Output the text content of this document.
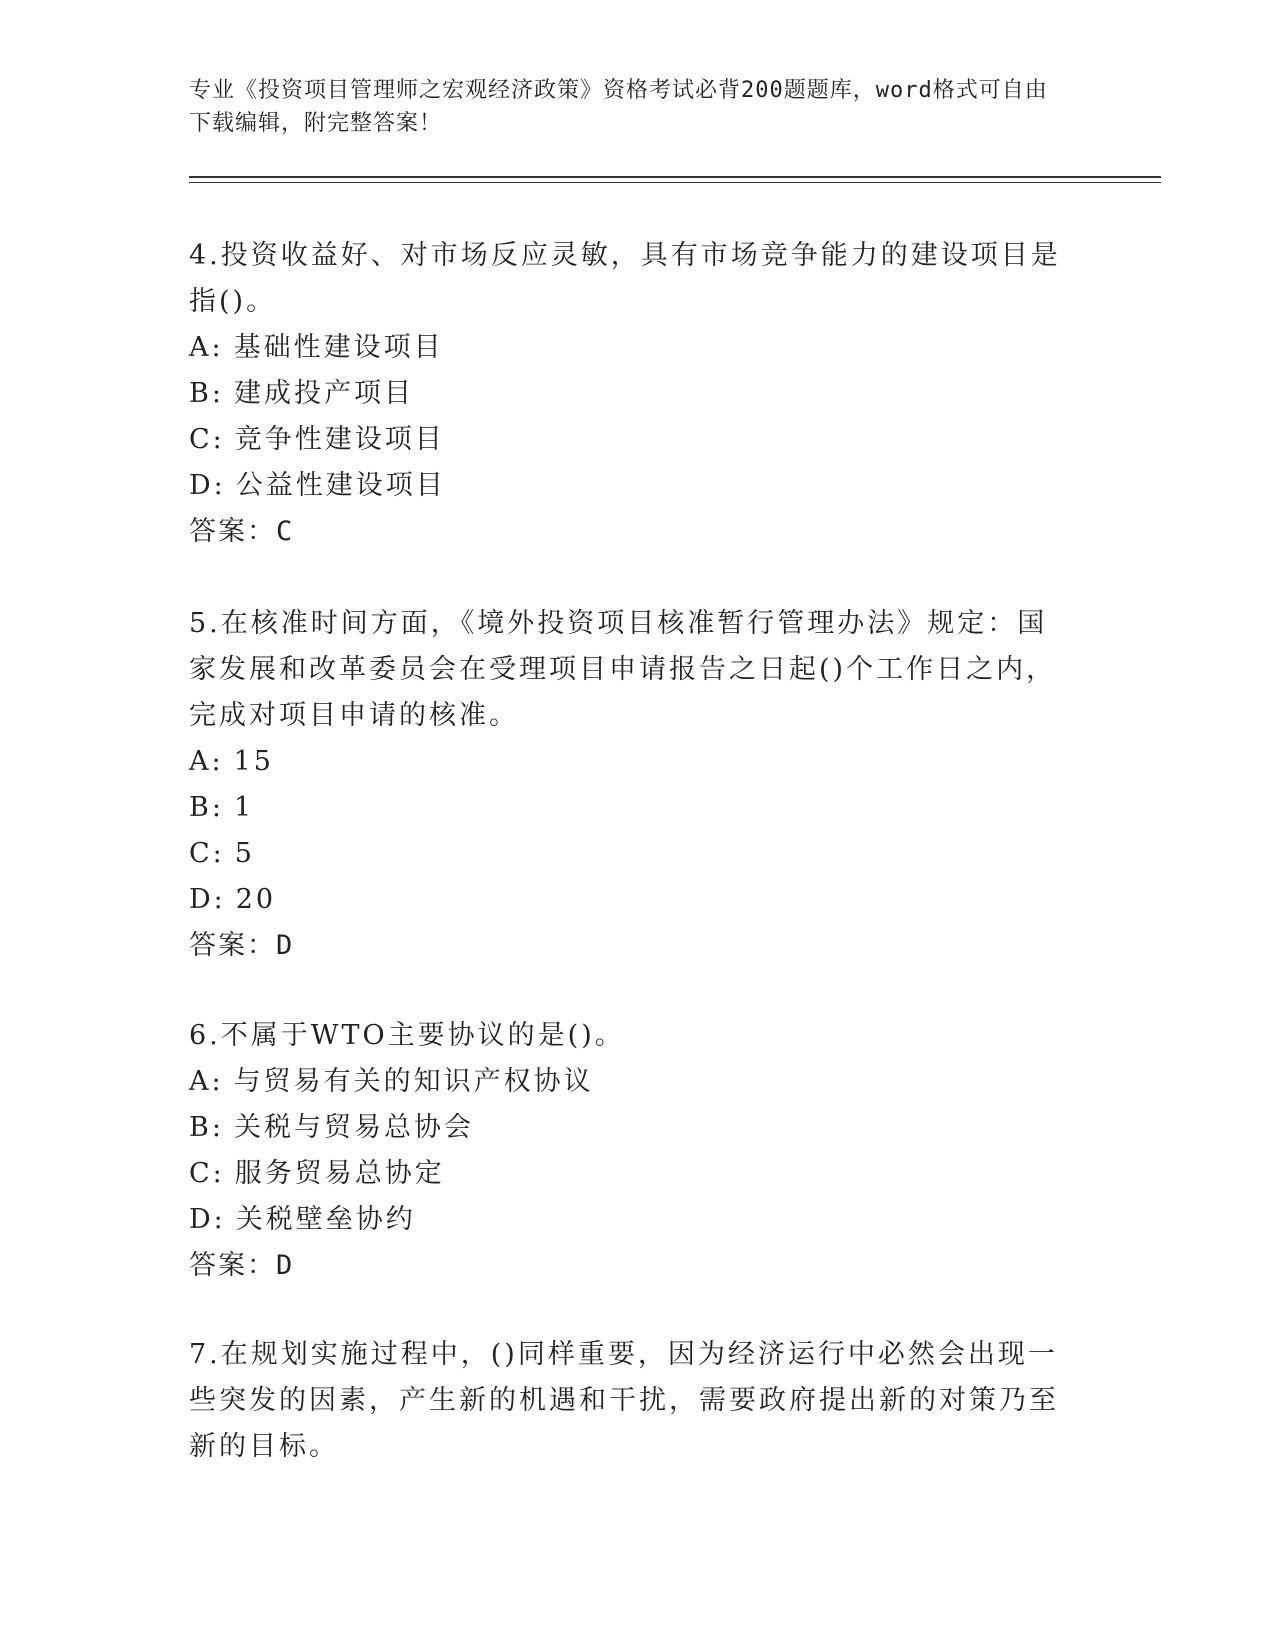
专业《投资项目管理师之宏观经济政策》资格考试必背200题题库，word格式可自由下载编辑，附完整答案！

4.投资收益好、对市场反应灵敏，具有市场竞争能力的建设项目是指()。

A: 基础性建设项目

B: 建成投产项目

C: 竞争性建设项目

D: 公益性建设项目

答案：C

5.在核准时间方面，《境外投资项目核准暂行管理办法》规定：国家发展和改革委员会在受理项目申请报告之日起()个工作日之内，完成对项目申请的核准。

A: 15

B: 1

C: 5

D: 20

答案：D

6.不属于WTO主要协议的是()。

A: 与贸易有关的知识产权协议

B: 关税与贸易总协会

C: 服务贸易总协定

D: 关税壁垒协约

答案：D

7.在规划实施过程中，()同样重要，因为经济运行中必然会出现一些突发的因素，产生新的机遇和干扰，需要政府提出新的对策乃至新的目标。
